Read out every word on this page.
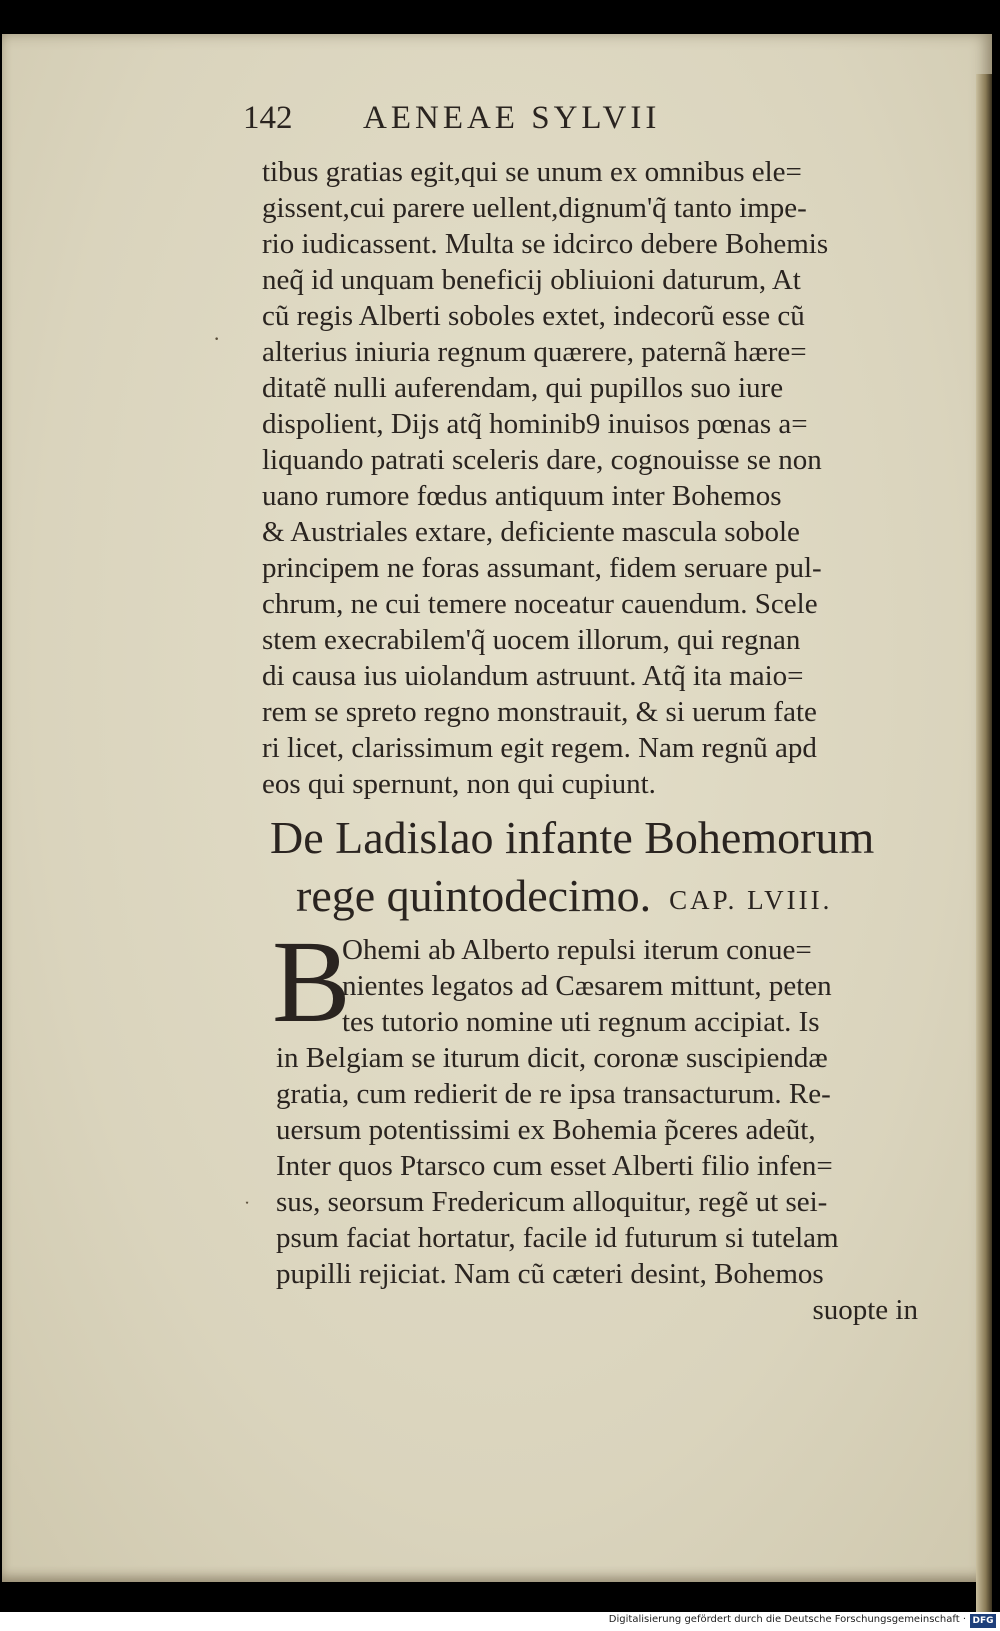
142 AENEAE SYLVII
tibus gratias egit,qui se unum ex omnibus ele=
gissent,cui parere uellent,dignum'q̃ tanto impe-
rio iudicassent. Multa se idcirco debere Bohemis
neq̃ id unquam beneficij obliuioni daturum, At
cũ regis Alberti soboles extet, indecorũ esse cũ
alterius iniuria regnum quærere, paternã hære=
ditatẽ nulli auferendam, qui pupillos suo iure
dispolient, Dijs atq̃ hominib9 inuisos pœnas a=
liquando patrati sceleris dare, cognouisse se non
uano rumore fœdus antiquum inter Bohemos
& Austriales extare, deficiente mascula sobole
principem ne foras assumant, fidem seruare pul-
chrum, ne cui temere noceatur cauendum. Scele
stem execrabilem'q̃ uocem illorum, qui regnan
di causa ius uiolandum astruunt. Atq̃ ita maio=
rem se spreto regno monstrauit, & si uerum fate
ri licet, clarissimum egit regem. Nam regnũ apd
eos qui spernunt, non qui cupiunt.
De Ladislao infante Bohemorum
rege quintodecimo. CAP. LVIII.
B
Ohemi ab Alberto repulsi iterum conue=
nientes legatos ad Cæsarem mittunt, peten
tes tutorio nomine uti regnum accipiat. Is
in Belgiam se iturum dicit, coronæ suscipiendæ
gratia, cum redierit de re ipsa transacturum. Re-
uersum potentissimi ex Bohemia p̃ceres adeũt,
Inter quos Ptarsco cum esset Alberti filio infen=
sus, seorsum Fredericum alloquitur, regẽ ut sei-
psum faciat hortatur, facile id futurum si tutelam
pupilli rejiciat. Nam cũ cæteri desint, Bohemos
suopte in
·
ˑ
Digitalisierung gefördert durch die Deutsche Forschungsgemeinschaft · DFG
